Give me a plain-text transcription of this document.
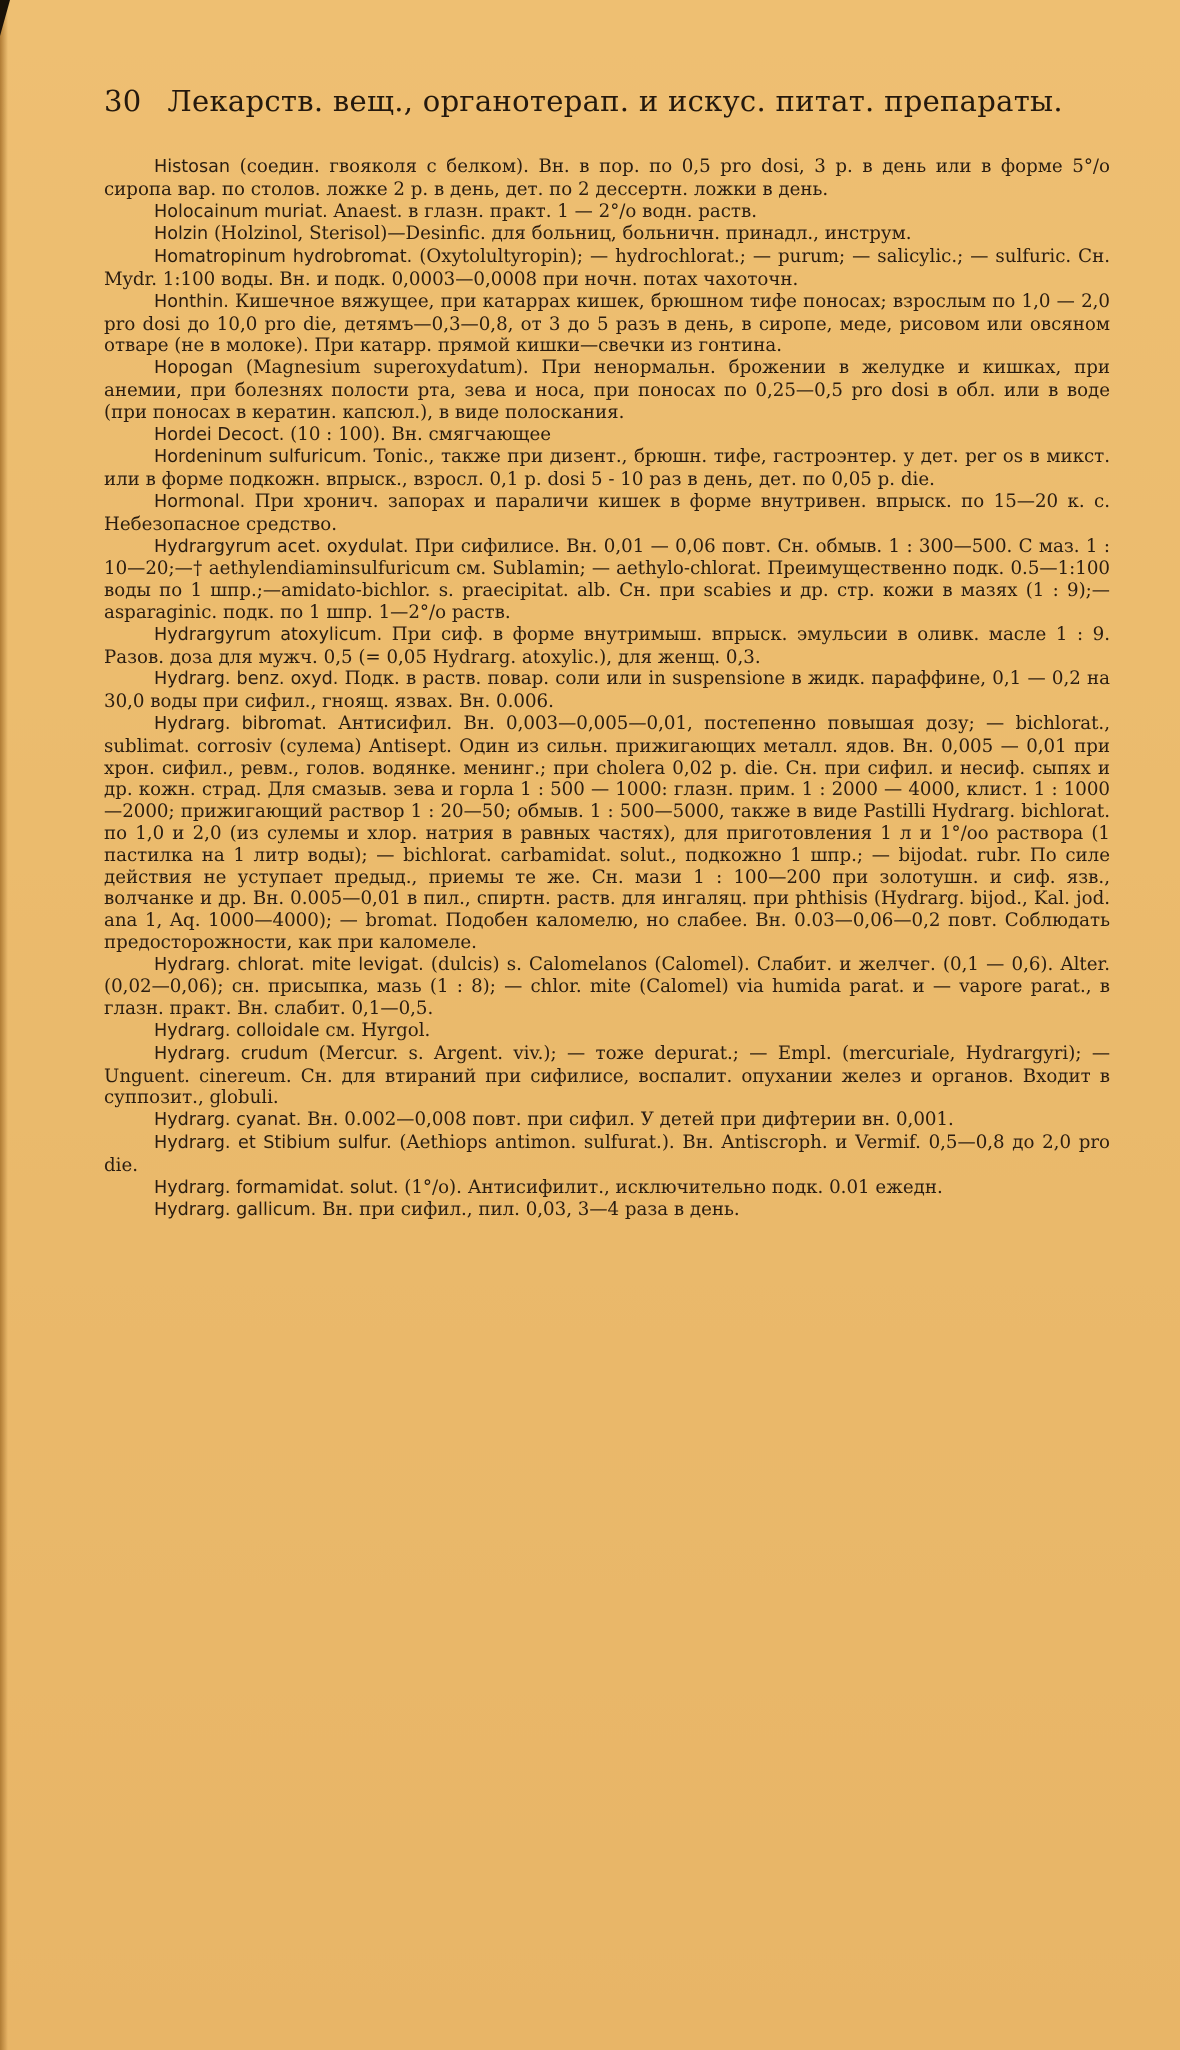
30 Лекарств. вещ., органотерап. и искус. питат. препараты.

Histosan (соедин. гвояколя с белком). Вн. в пор. по 0,5 pro dosi, 3 р. в день или в форме 5°/o сиропа вар. по столов. ложке 2 р. в день, дет. по 2 дессертн. ложки в день.

Holocainum muriat. Anaest. в глазн. практ. 1 — 2°/o водн. раств.

Holzin (Holzinol, Sterisol)—Desinfic. для больниц, больничн. принадл., инструм.

Homatropinum hydrobromat. (Oxytolultyropin); — hydrochlorat.; — purum; — salicylic.; — sulfuric. Сн. Mydr. 1:100 воды. Вн. и подк. 0,0003—0,0008 при ночн. потах чахоточн.

Honthin. Кишечное вяжущее, при катаррах кишек, брюшном тифе поносах; взрослым по 1,0 — 2,0 pro dosi до 10,0 pro die, детямъ—0,3—0,8, от 3 до 5 разъ в день, в сиропе, меде, рисовом или овсяном отваре (не в молоке). При катарр. прямой кишки—свечки из гонтина.

Hopogan (Magnesium superoxydatum). При ненормальн. брожении в желудке и кишках, при анемии, при болезнях полости рта, зева и носа, при поносах по 0,25—0,5 pro dosi в обл. или в воде (при поносах в кератин. капсюл.), в виде полоскания.

Hordei Decoct. (10 : 100). Вн. смягчающее

Hordeninum sulfuricum. Tonic., также при дизент., брюшн. тифе, гастроэнтер. у дет. per os в микст. или в форме подкожн. впрыск., взросл. 0,1 р. dosi 5 - 10 раз в день, дет. по 0,05 р. die.

Hormonal. При хронич. запорах и параличи кишек в форме внутривен. впрыск. по 15—20 к. с. Небезопасное средство.

Hydrargyrum acet. oxydulat. При сифилисе. Вн. 0,01 — 0,06 повт. Сн. обмыв. 1 : 300—500. С маз. 1 : 10—20;—† aethylendiaminsulfuricum см. Sublamin; — aethylo-chlorat. Преимущественно подк. 0.5—1:100 воды по 1 шпр.;—amidato-bichlor. s. praecipitat. alb. Сн. при scabies и др. стр. кожи в мазях (1 : 9);—asparaginic. подк. по 1 шпр. 1—2°/o раств.

Hydrargyrum atoxylicum. При сиф. в форме внутримыш. впрыск. эмульсии в оливк. масле 1 : 9. Разов. доза для мужч. 0,5 (= 0,05 Hydrarg. atoxylic.), для женщ. 0,3.

Hydrarg. benz. oxyd. Подк. в раств. повар. соли или in suspensione в жидк. параффине, 0,1 — 0,2 на 30,0 воды при сифил., гноящ. язвах. Вн. 0.006.

Hydrarg. bibromat. Антисифил. Вн. 0,003—0,005—0,01, постепенно повышая дозу; — bichlorat., sublimat. corrosiv (сулема) Antisept. Один из сильн. прижигающих металл. ядов. Вн. 0,005 — 0,01 при хрон. сифил., ревм., голов. водянке. менинг.; при cholera 0,02 р. die. Сн. при сифил. и несиф. сыпях и др. кожн. страд. Для смазыв. зева и горла 1 : 500 — 1000: глазн. прим. 1 : 2000 — 4000, клист. 1 : 1000—2000; прижигающий раствор 1 : 20—50; обмыв. 1 : 500—5000, также в виде Pastilli Hydrarg. bichlorat. по 1,0 и 2,0 (из сулемы и хлор. натрия в равных частях), для приготовления 1 л и 1°/oo раствора (1 пастилка на 1 литр воды); — bichlorat. carbamidat. solut., подкожно 1 шпр.; — bijodat. rubr. По силе действия не уступает предыд., приемы те же. Сн. мази 1 : 100—200 при золотушн. и сиф. язв., волчанке и др. Вн. 0.005—0,01 в пил., спиртн. раств. для ингаляц. при phthisis (Hydrarg. bijod., Kal. jod. ana 1, Aq. 1000—4000); — bromat. Подобен каломелю, но слабее. Вн. 0.03—0,06—0,2 повт. Соблюдать предосторожности, как при каломеле.

Hydrarg. chlorat. mite levigat. (dulcis) s. Calomelanos (Calomel). Слабит. и желчег. (0,1 — 0,6). Alter. (0,02—0,06); сн. присыпка, мазь (1 : 8); — chlor. mite (Calomel) via humida parat. и — vapore parat., в глазн. практ. Вн. слабит. 0,1—0,5.

Hydrarg. colloidale см. Hyrgol.

Hydrarg. crudum (Mercur. s. Argent. viv.); — тоже depurat.; — Empl. (mercuriale, Hydrargyri); — Unguent. cinereum. Сн. для втираний при сифилисе, воспалит. опухании желез и органов. Входит в суппозит., globuli.

Hydrarg. cyanat. Вн. 0.002—0,008 повт. при сифил. У детей при дифтерии вн. 0,001.

Hydrarg. et Stibium sulfur. (Aethiops antimon. sulfurat.). Вн. Antiscroph. и Vermif. 0,5—0,8 до 2,0 pro die.

Hydrarg. formamidat. solut. (1°/o). Антисифилит., исключительно подк. 0.01 ежедн.

Hydrarg. gallicum. Вн. при сифил., пил. 0,03, 3—4 раза в день.
